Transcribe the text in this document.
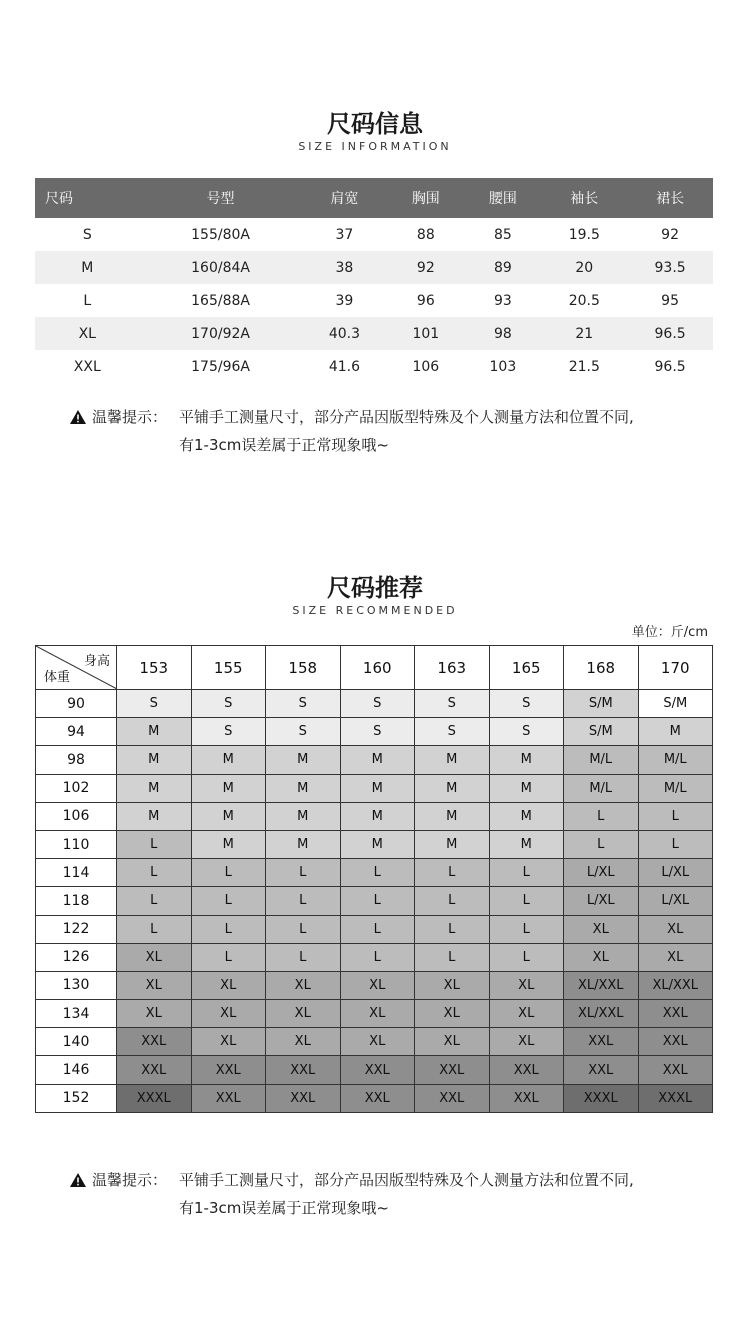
尺码信息
SIZE INFORMATION
尺码	号型	肩宽	胸围	腰围	袖长	裙长
S	155/80A	37	88	85	19.5	92
M	160/84A	38	92	89	20	93.5
L	165/88A	39	96	93	20.5	95
XL	170/92A	40.3	101	98	21	96.5
XXL	175/96A	41.6	106	103	21.5	96.5
温馨提示： 平铺手工测量尺寸，部分产品因版型特殊及个人测量方法和位置不同,
有1-3cm误差属于正常现象哦~
尺码推荐
SIZE RECOMMENDED
单位：斤/cm
身高
体重	153	155	158	160	163	165	168	170
90	S	S	S	S	S	S	S/M	S/M
94	M	S	S	S	S	S	S/M	M
98	M	M	M	M	M	M	M/L	M/L
102	M	M	M	M	M	M	M/L	M/L
106	M	M	M	M	M	M	L	L
110	L	M	M	M	M	M	L	L
114	L	L	L	L	L	L	L/XL	L/XL
118	L	L	L	L	L	L	L/XL	L/XL
122	L	L	L	L	L	L	XL	XL
126	XL	L	L	L	L	L	XL	XL
130	XL	XL	XL	XL	XL	XL	XL/XXL	XL/XXL
134	XL	XL	XL	XL	XL	XL	XL/XXL	XXL
140	XXL	XL	XL	XL	XL	XL	XXL	XXL
146	XXL	XXL	XXL	XXL	XXL	XXL	XXL	XXL
152	XXXL	XXL	XXL	XXL	XXL	XXL	XXXL	XXXL
温馨提示： 平铺手工测量尺寸，部分产品因版型特殊及个人测量方法和位置不同,
有1-3cm误差属于正常现象哦~
